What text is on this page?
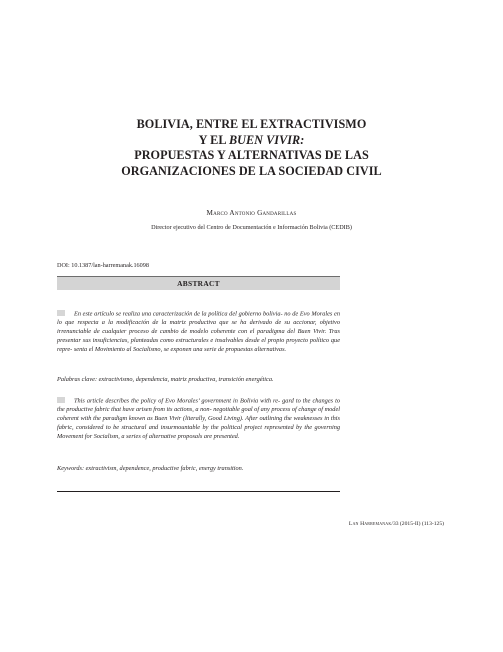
BOLIVIA, ENTRE EL EXTRACTIVISMO
Y EL BUEN VIVIR:
PROPUESTAS Y ALTERNATIVAS DE LAS
ORGANIZACIONES DE LA SOCIEDAD CIVIL
Marco Antonio Gandarillas
Director ejecutivo del Centro de Documentación e Información Bolivia (CEDIB)
DOI: 10.1387/lan-harremanak.16098
ABSTRACT
En este artículo se realiza una caracterización de la política del gobierno bolivia- no de Evo Morales en lo que respecta a la modificación de la matriz productiva que se ha derivado de su accionar, objetivo irrenunciable de cualquier proceso de cambio de modelo coherente con el paradigma del Buen Vivir. Tras presentar sus insuficiencias, planteadas como estructurales e insalvables desde el propio proyecto político que repre- senta el Movimiento al Socialismo, se exponen una serie de propuestas alternativas.
Palabras clave: extractivismo, dependencia, matriz productiva, transición energética.
This article describes the policy of Evo Morales’ government in Bolivia with re- gard to the changes to the productive fabric that have arisen from its actions, a non- negotiable goal of any process of change of model coherent with the paradigm known as Buen Vivir (literally, Good Living). After outlining the weaknesses in this fabric, considered to be structural and insurmountable by the political project represented by the governing Movement for Socialism, a series of alternative proposals are presented.
Keywords: extractivism, dependence, productive fabric, energy transition.
Lan Harremanak/33 (2015-II) (113-125)
